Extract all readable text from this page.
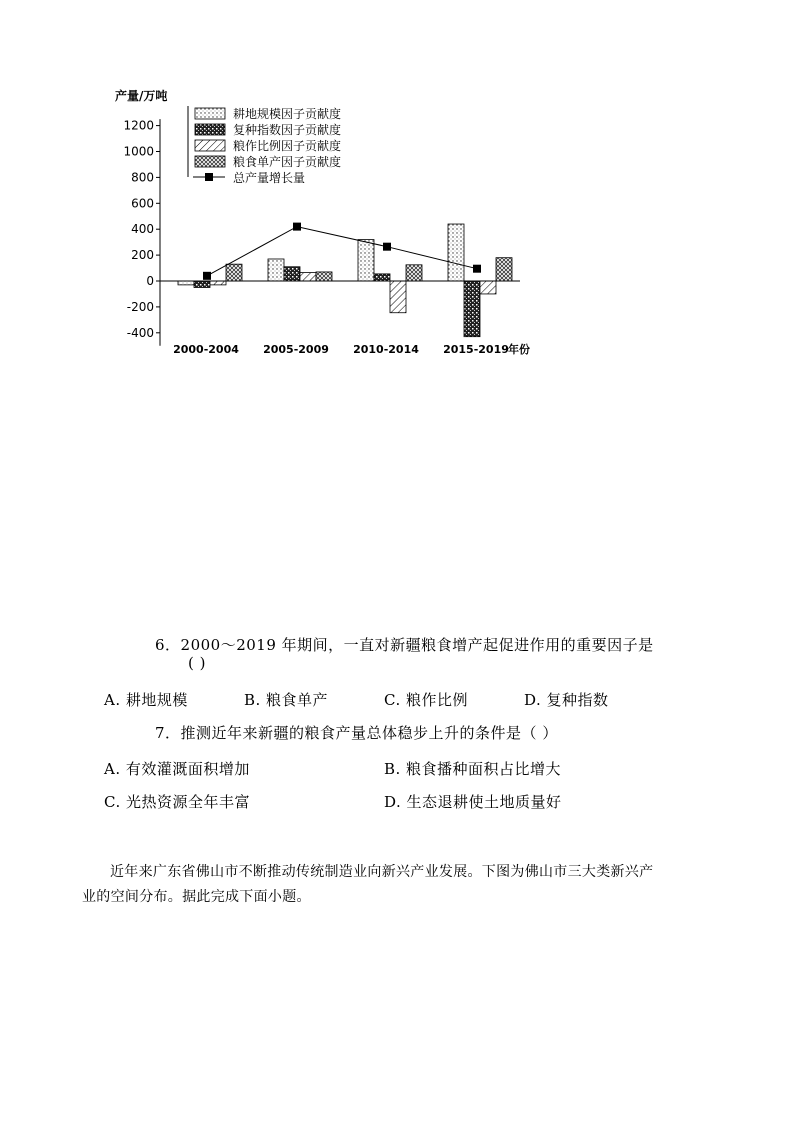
产量/万吨
耕地规模因子贡献度
复种指数因子贡献度
粮作比例因子贡献度
粮食单产因子贡献度
总产量增长量
1200
1000
800
600
400
200
0
-200
-400
2000-2004 2005-2009 2010-2014 2015-2019 年份
6．2000～2019 年期间，一直对新疆粮食增产起促进作用的重要因子是
( )
A. 耕地规模	B. 粮食单产	C. 粮作比例	D. 复种指数
7．推测近年来新疆的粮食产量总体稳步上升的条件是（ ）
A. 有效灌溉面积增加	B. 粮食播种面积占比增大
C. 光热资源全年丰富	D. 生态退耕使土地质量好
近年来广东省佛山市不断推动传统制造业向新兴产业发展。下图为佛山市三大类新兴产
业的空间分布。据此完成下面小题。
